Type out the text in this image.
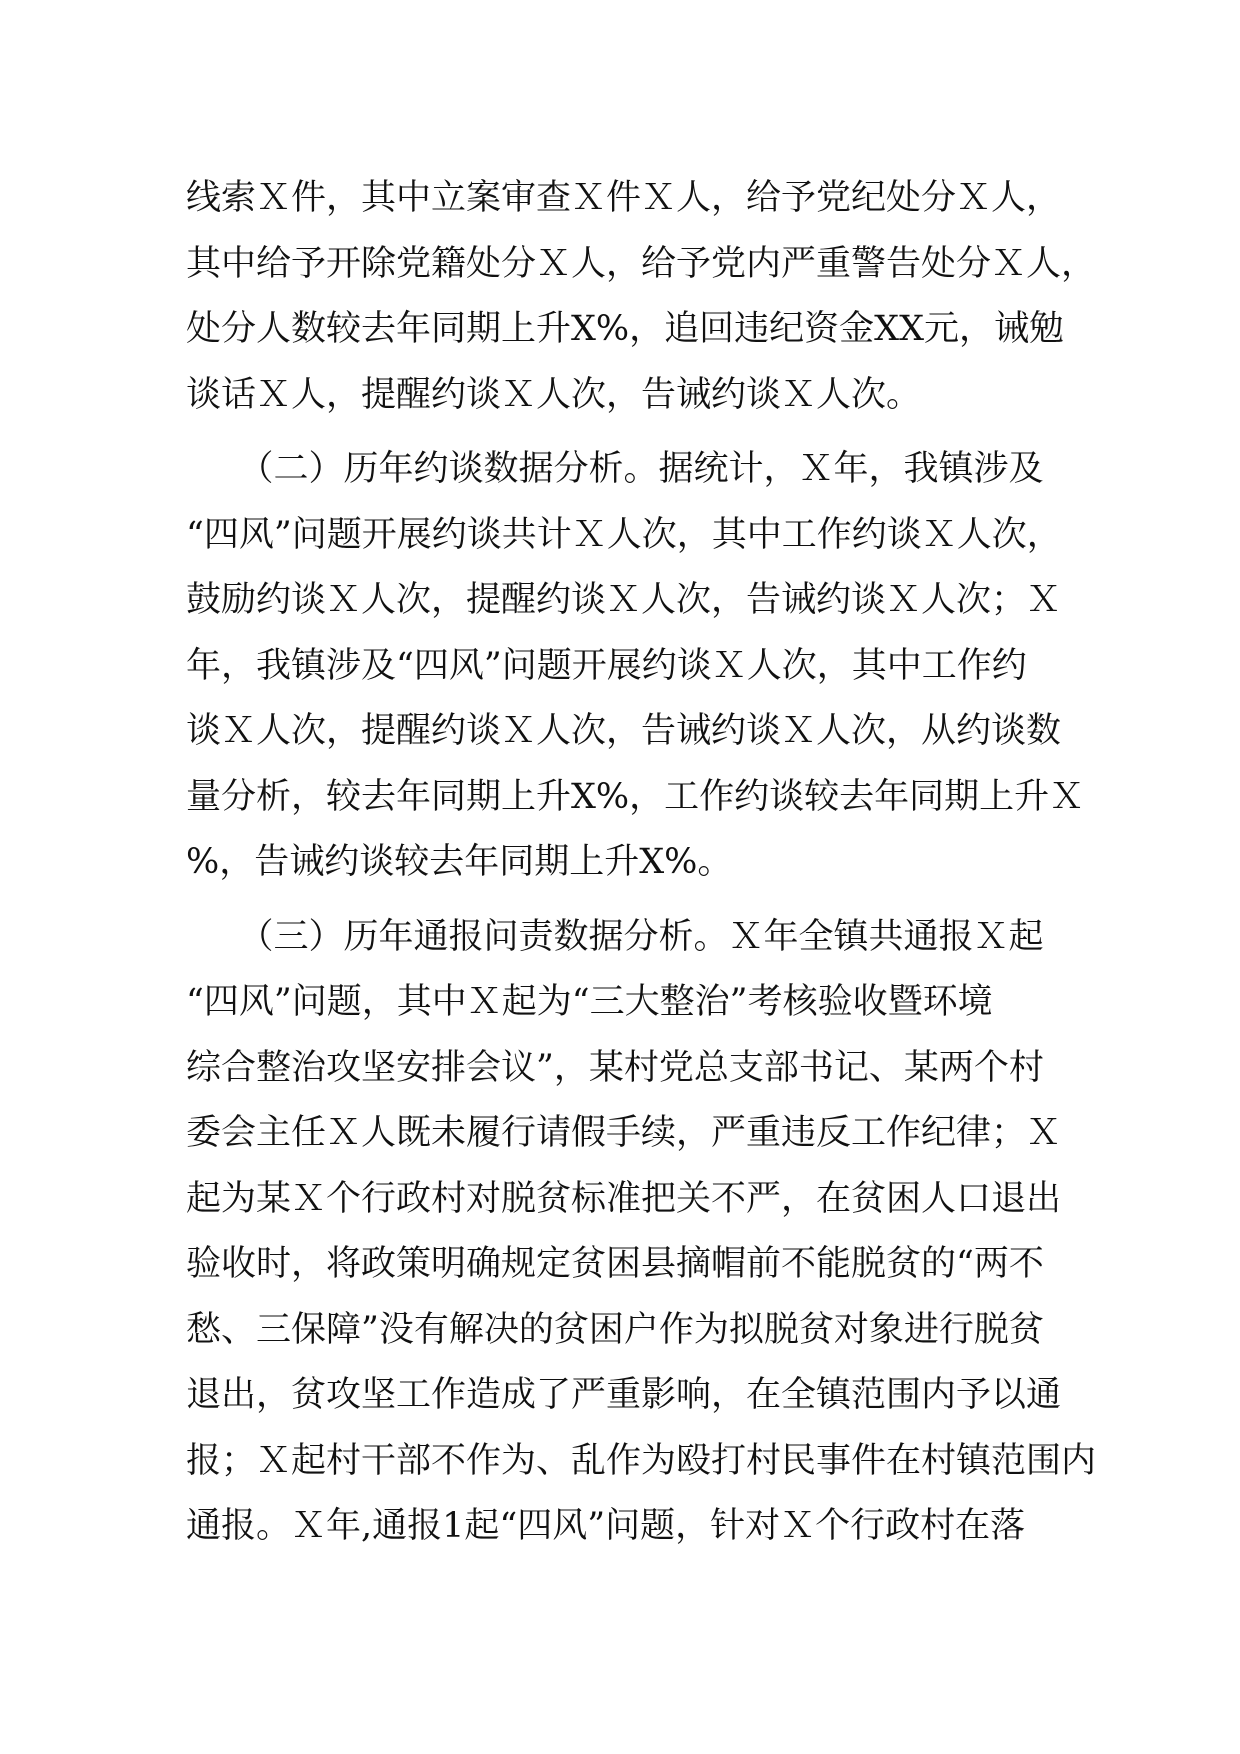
线索Ｘ件，其中立案审查Ｘ件Ｘ人，给予党纪处分Ｘ人，
其中给予开除党籍处分Ｘ人，给予党内严重警告处分Ｘ人，
处分人数较去年同期上升X%，追回违纪资金XX元，诫勉
谈话Ｘ人，提醒约谈Ｘ人次，告诫约谈Ｘ人次。

　　（二）历年约谈数据分析。据统计，Ｘ年，我镇涉及
“四风”问题开展约谈共计Ｘ人次，其中工作约谈Ｘ人次，
鼓励约谈Ｘ人次，提醒约谈Ｘ人次，告诫约谈Ｘ人次；Ｘ
年，我镇涉及“四风”问题开展约谈Ｘ人次，其中工作约
谈Ｘ人次，提醒约谈Ｘ人次，告诫约谈Ｘ人次，从约谈数
量分析，较去年同期上升X%，工作约谈较去年同期上升Ｘ
%，告诫约谈较去年同期上升X%。

　　（三）历年通报问责数据分析。Ｘ年全镇共通报Ｘ起
“四风”问题，其中Ｘ起为“三大整治”考核验收暨环境
综合整治攻坚安排会议”，某村党总支部书记、某两个村
委会主任Ｘ人既未履行请假手续，严重违反工作纪律；Ｘ
起为某Ｘ个行政村对脱贫标准把关不严，在贫困人口退出
验收时，将政策明确规定贫困县摘帽前不能脱贫的“两不
愁、三保障”没有解决的贫困户作为拟脱贫对象进行脱贫
退出，贫攻坚工作造成了严重影响，在全镇范围内予以通
报；Ｘ起村干部不作为、乱作为殴打村民事件在村镇范围内
通报。Ｘ年,通报1起“四风”问题，针对Ｘ个行政村在落
